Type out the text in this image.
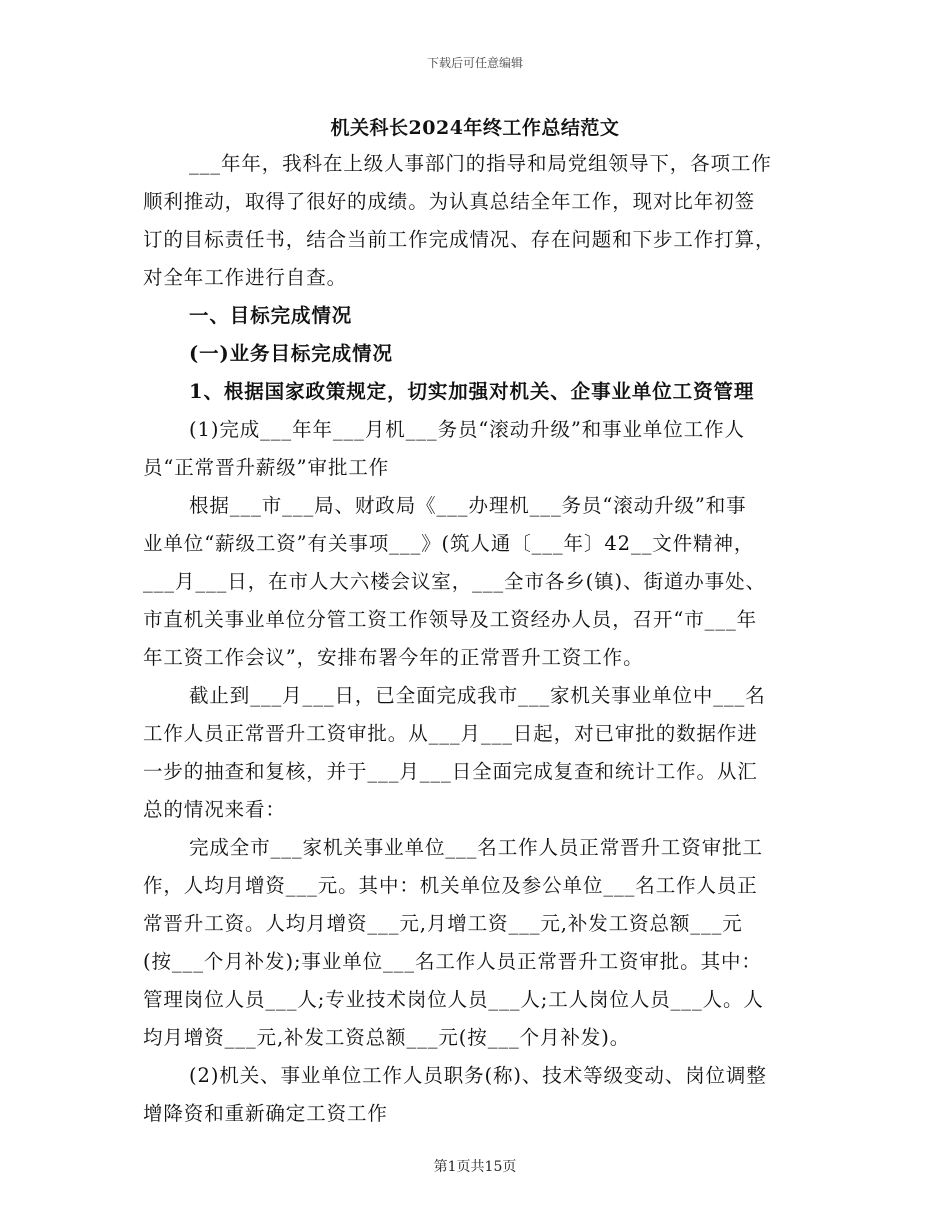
下载后可任意编辑
机关科长2024年终工作总结范文
___年年，我科在上级人事部门的指导和局党组领导下，各项工作
顺利推动，取得了很好的成绩。为认真总结全年工作，现对比年初签
订的目标责任书，结合当前工作完成情况、存在问题和下步工作打算，
对全年工作进行自查。
一、目标完成情况
(一)业务目标完成情况
1、根据国家政策规定，切实加强对机关、企事业单位工资管理
(1)完成___年年___月机___务员“滚动升级”和事业单位工作人
员“正常晋升薪级”审批工作
根据___市___局、财政局《___办理机___务员“滚动升级”和事
业单位“薪级工资”有关事项___》(筑人通〔___年〕42__文件精神，
___月___日，在市人大六楼会议室，___全市各乡(镇)、街道办事处、
市直机关事业单位分管工资工作领导及工资经办人员，召开“市___年
年工资工作会议”，安排布署今年的正常晋升工资工作。
截止到___月___日，已全面完成我市___家机关事业单位中___名
工作人员正常晋升工资审批。从___月___日起，对已审批的数据作进
一步的抽查和复核，并于___月___日全面完成复查和统计工作。从汇
总的情况来看：
完成全市___家机关事业单位___名工作人员正常晋升工资审批工
作，人均月增资___元。其中：机关单位及参公单位___名工作人员正
常晋升工资。人均月增资___元,月增工资___元,补发工资总额___元
(按___个月补发);事业单位___名工作人员正常晋升工资审批。其中：
管理岗位人员___人;专业技术岗位人员___人;工人岗位人员___人。人
均月增资___元,补发工资总额___元(按___个月补发)。
(2)机关、事业单位工作人员职务(称)、技术等级变动、岗位调整
增降资和重新确定工资工作
第1页共15页
